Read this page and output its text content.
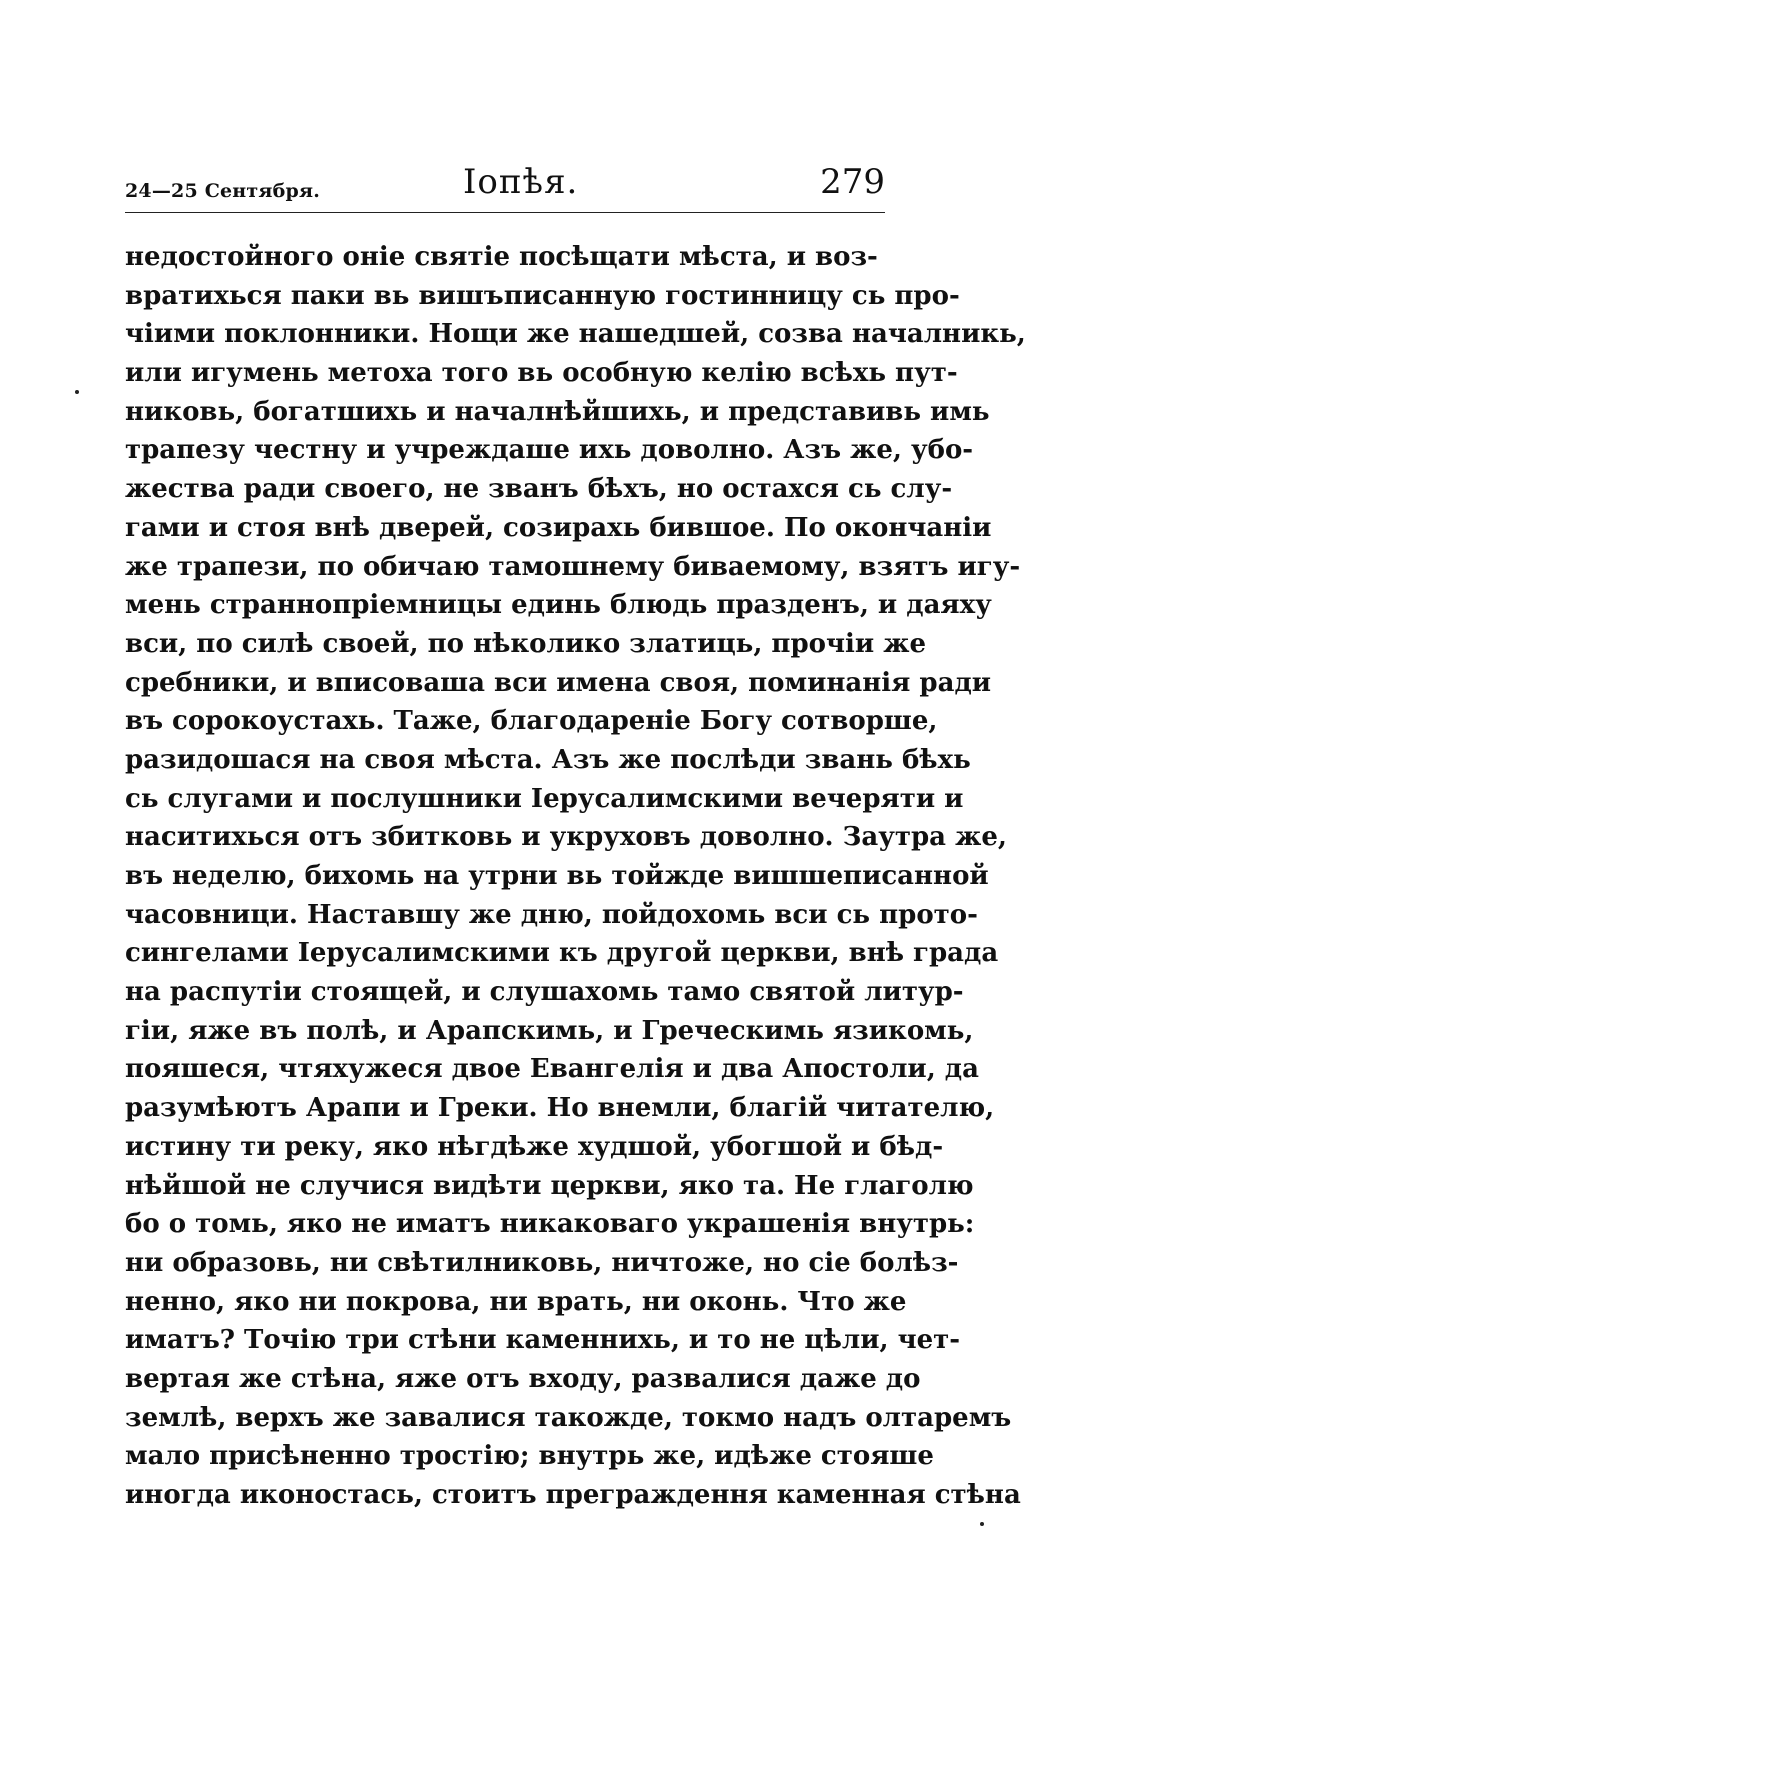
24—25 Сентября.	Іопѣя.	279
недостойного оніе святіе посѣщати мѣста, и воз-
вратихься паки вь вишъписанную гостинницу сь про-
чіими поклонники. Нощи же нашедшей, созва началникь,
или игумень метоха того вь особную келію всѣхь пут-
никовь, богатшихь и началнѣйшихь, и представивь имь
трапезу честну и учреждаше ихь доволно. Азъ же, убо-
жества ради своего, не званъ бѣхъ, но остахся сь слу-
гами и стоя внѣ дверей, созирахь бившое. По окончаніи
же трапези, по обичаю тамошнему биваемому, взятъ игу-
мень страннопріемницы единь блюдь празденъ, и даяху
вси, по силѣ своей, по нѣколико златиць, прочіи же
сребники, и вписоваша вси имена своя, поминанія ради
въ сорокоустахь. Таже, благодареніе Богу сотворше,
разидошася на своя мѣста. Азъ же послѣди звань бѣхь
сь слугами и послушники Іерусалимскими вечеряти и
наситихься отъ збитковь и укруховъ доволно. Заутра же,
въ неделю, бихомь на утрни вь тойжде вишшеписанной
часовници. Наставшу же дню, пойдохомь вси сь прото-
сингелами Іерусалимскими къ другой церкви, внѣ града
на распутіи стоящей, и слушахомь тамо святой литур-
гіи, яже въ полѣ, и Арапскимь, и Греческимь язикомь,
пояшеся, чтяхужеся двое Евангелія и два Апостоли, да
разумѣютъ Арапи и Греки. Но внемли, благій читателю,
истину ти реку, яко нѣгдѣже худшой, убогшой и бѣд-
нѣйшой не случися видѣти церкви, яко та. Не глаголю
бо о томь, яко не иматъ никаковаго украшенія внутрь:
ни образовь, ни свѣтилниковь, ничтоже, но сіе болѣз-
ненно, яко ни покрова, ни врать, ни оконь. Что же
иматъ? Точію три стѣни каменнихь, и то не цѣли, чет-
вертая же стѣна, яже отъ входу, развалися даже до
землѣ, верхъ же завалися такожде, токмо надъ олтаремъ
мало присѣненно тростію; внутрь же, идѣже стояше
иногда иконостась, стоитъ преграждення каменная стѣна
